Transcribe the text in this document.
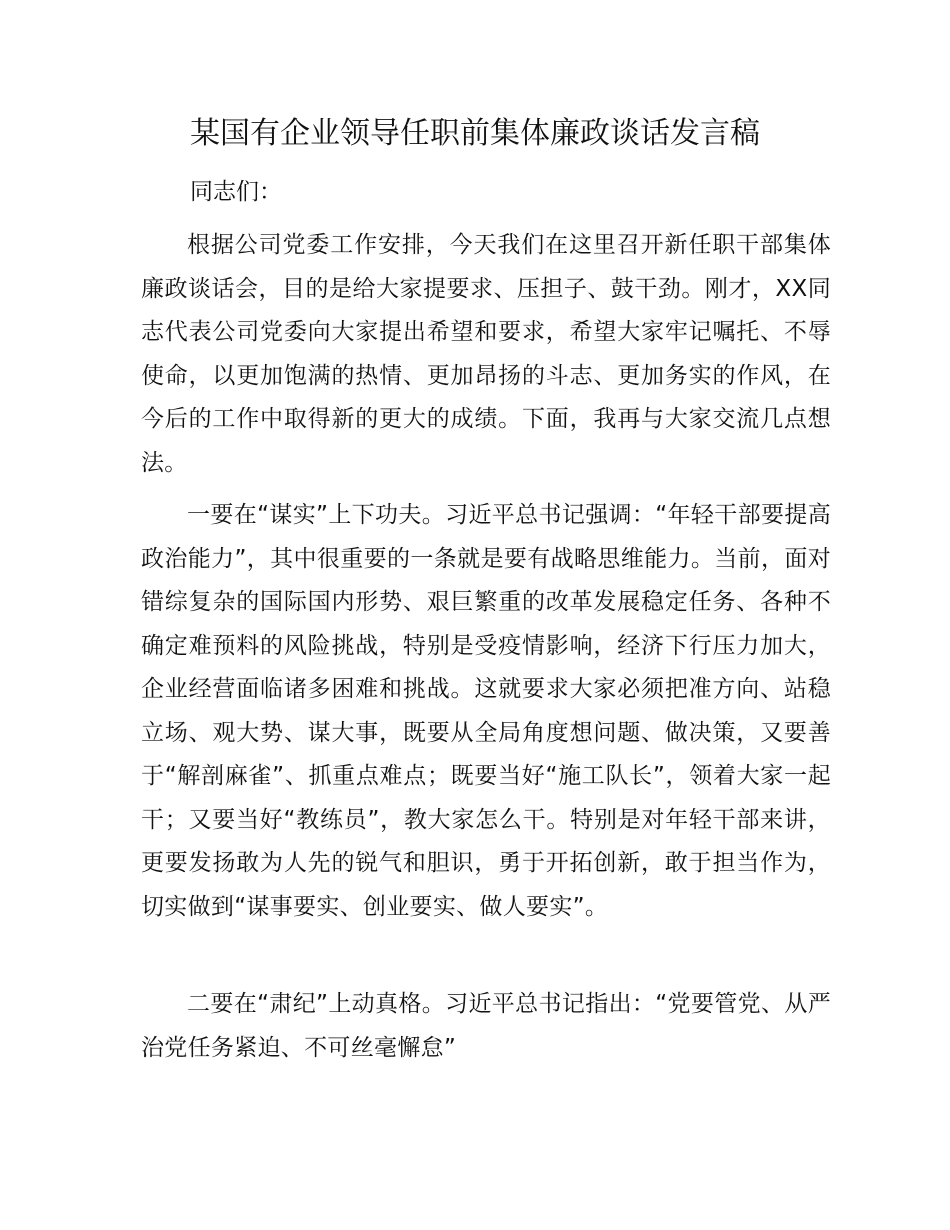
某国有企业领导任职前集体廉政谈话发言稿

同志们：

根据公司党委工作安排，今天我们在这里召开新任职干部集体廉政谈话会，目的是给大家提要求、压担子、鼓干劲。刚才，XX同志代表公司党委向大家提出希望和要求，希望大家牢记嘱托、不辱使命，以更加饱满的热情、更加昂扬的斗志、更加务实的作风，在今后的工作中取得新的更大的成绩。下面，我再与大家交流几点想法。

一要在“谋实”上下功夫。习近平总书记强调：“年轻干部要提高政治能力”，其中很重要的一条就是要有战略思维能力。当前，面对错综复杂的国际国内形势、艰巨繁重的改革发展稳定任务、各种不确定难预料的风险挑战，特别是受疫情影响，经济下行压力加大，企业经营面临诸多困难和挑战。这就要求大家必须把准方向、站稳立场、观大势、谋大事，既要从全局角度想问题、做决策，又要善于“解剖麻雀”、抓重点难点；既要当好“施工队长”，领着大家一起干；又要当好“教练员”，教大家怎么干。特别是对年轻干部来讲，更要发扬敢为人先的锐气和胆识，勇于开拓创新，敢于担当作为，切实做到“谋事要实、创业要实、做人要实”。

二要在“肃纪”上动真格。习近平总书记指出：“党要管党、从严治党任务紧迫、不可丝毫懈怠”
